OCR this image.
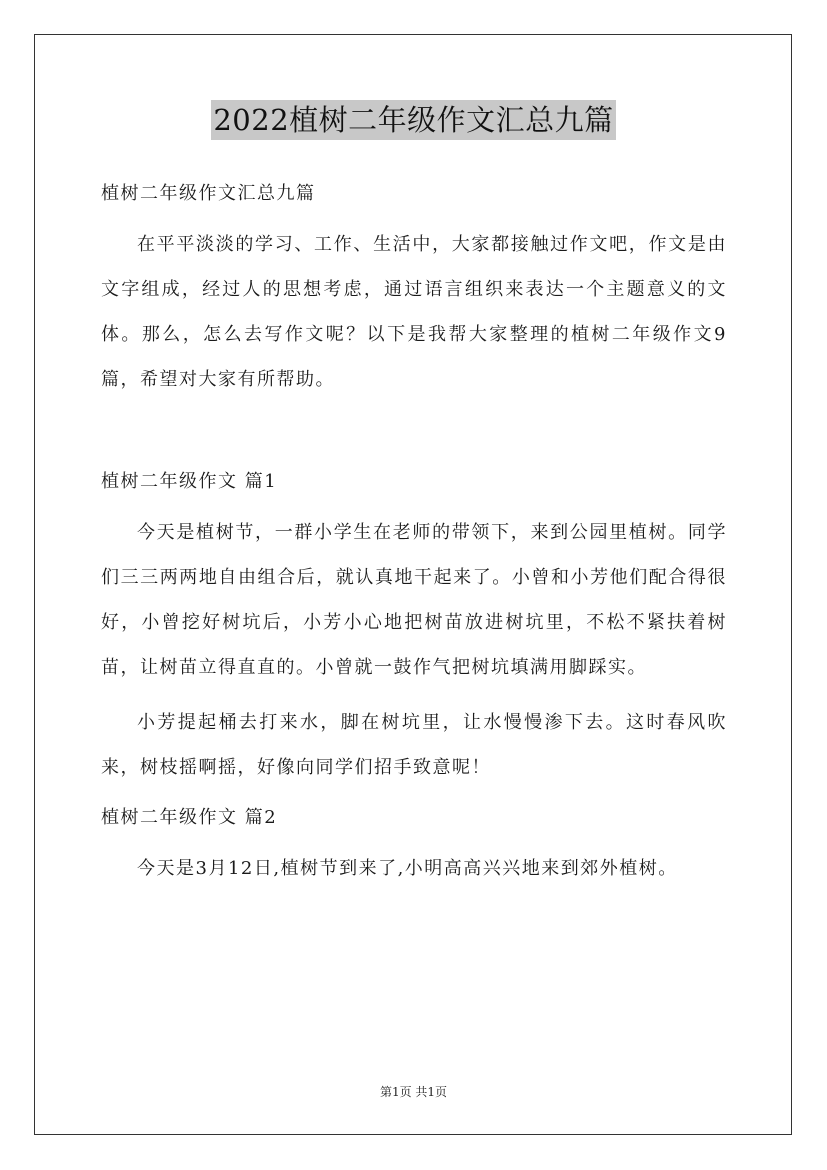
2022植树二年级作文汇总九篇

植树二年级作文汇总九篇

在平平淡淡的学习、工作、生活中，大家都接触过作文吧，作文是由文字组成，经过人的思想考虑，通过语言组织来表达一个主题意义的文体。那么，怎么去写作文呢？以下是我帮大家整理的植树二年级作文9篇，希望对大家有所帮助。

植树二年级作文 篇1

今天是植树节，一群小学生在老师的带领下，来到公园里植树。同学们三三两两地自由组合后，就认真地干起来了。小曾和小芳他们配合得很好，小曾挖好树坑后，小芳小心地把树苗放进树坑里，不松不紧扶着树苗，让树苗立得直直的。小曾就一鼓作气把树坑填满用脚踩实。

小芳提起桶去打来水，脚在树坑里，让水慢慢渗下去。这时春风吹来，树枝摇啊摇，好像向同学们招手致意呢！

植树二年级作文 篇2

今天是3月12日,植树节到来了,小明高高兴兴地来到郊外植树。

第1页 共1页
